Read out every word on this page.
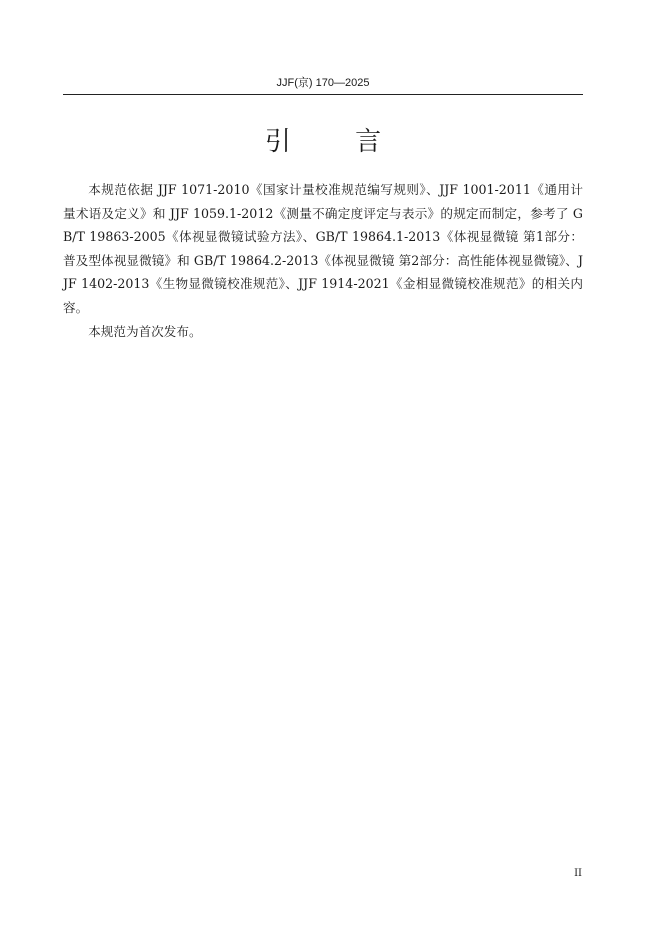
JJF(京) 170—2025
引 言

本规范依据 JJF 1071-2010《国家计量校准规范编写规则》、JJF 1001-2011《通用计量术语及定义》和 JJF 1059.1-2012《测量不确定度评定与表示》的规定而制定，参考了 GB/T 19863-2005《体视显微镜试验方法》、GB/T 19864.1-2013《体视显微镜 第1部分：普及型体视显微镜》和 GB/T 19864.2-2013《体视显微镜 第2部分：高性能体视显微镜》、JJF 1402-2013《生物显微镜校准规范》、JJF 1914-2021《金相显微镜校准规范》的相关内容。

本规范为首次发布。

II
